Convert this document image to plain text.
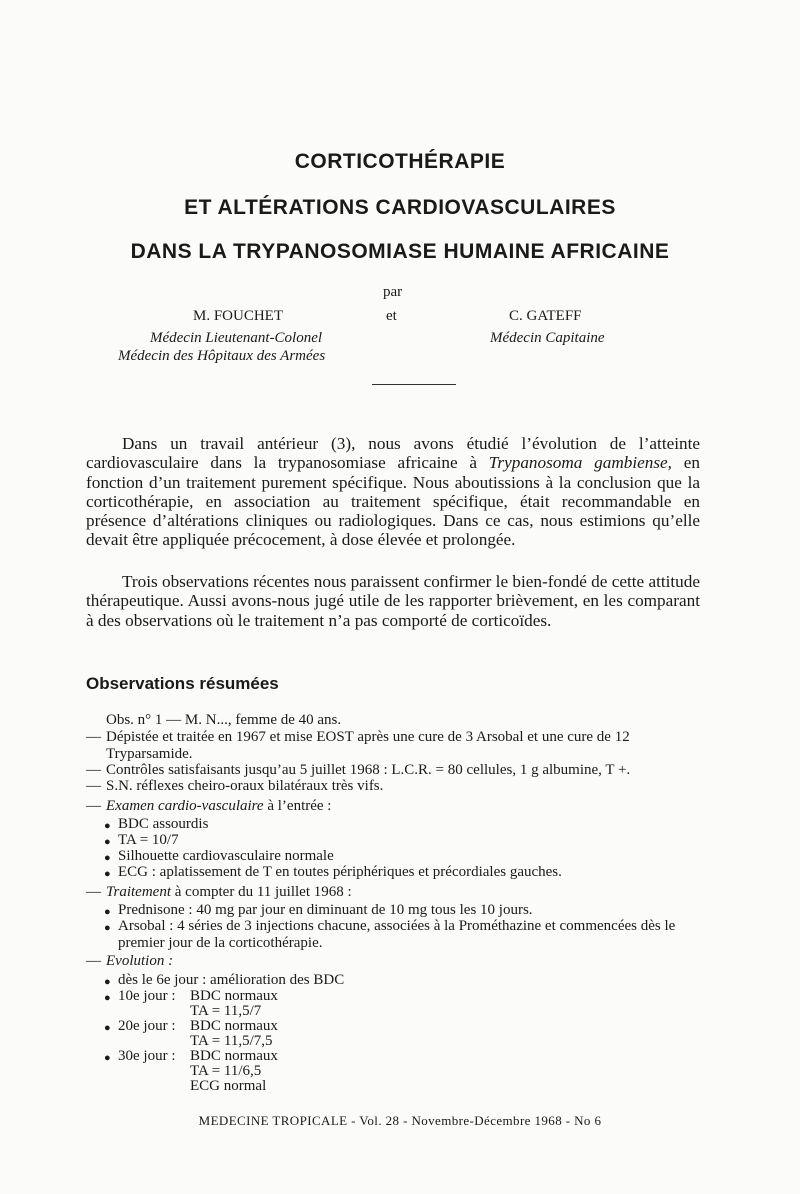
CORTICOTHÉRAPIE
ET ALTÉRATIONS CARDIOVASCULAIRES
DANS LA TRYPANOSOMIASE HUMAINE AFRICAINE
par
M. FOUCHET	et	C. GATEFF
Médecin Lieutenant-Colonel
Médecin des Hôpitaux des Armées
Médecin Capitaine

Dans un travail antérieur (3), nous avons étudié l’évolution de l’atteinte cardiovasculaire dans la trypanosomiase africaine à Trypanosoma gambiense, en fonction d’un traitement purement spécifique. Nous aboutissions à la conclusion que la corticothérapie, en association au traitement spécifique, était recommandable en présence d’altérations cliniques ou radiologiques. Dans ce cas, nous estimions qu’elle devait être appliquée précocement, à dose élevée et prolongée.

Trois observations récentes nous paraissent confirmer le bien-fondé de cette attitude thérapeutique. Aussi avons-nous jugé utile de les rapporter brièvement, en les comparant à des observations où le traitement n’a pas comporté de corticoïdes.

Observations résumées
Obs. n° 1 — M. N..., femme de 40 ans.
— Dépistée et traitée en 1967 et mise EOST après une cure de 3 Arsobal et une cure de 12 Tryparsamide.
— Contrôles satisfaisants jusqu’au 5 juillet 1968 : L.C.R. = 80 cellules, 1 g albumine, T +.
— S.N. réflexes cheiro-oraux bilatéraux très vifs.
— Examen cardio-vasculaire à l’entrée :
● BDC assourdis
● TA = 10/7
● Silhouette cardiovasculaire normale
● ECG : aplatissement de T en toutes périphériques et précordiales gauches.
— Traitement à compter du 11 juillet 1968 :
● Prednisone : 40 mg par jour en diminuant de 10 mg tous les 10 jours.
● Arsobal : 4 séries de 3 injections chacune, associées à la Prométhazine et commencées dès le premier jour de la corticothérapie.
— Evolution :
● dès le 6e jour : amélioration des BDC
● 10e jour : BDC normaux
TA = 11,5/7
● 20e jour : BDC normaux
TA = 11,5/7,5
● 30e jour : BDC normaux
TA = 11/6,5
ECG normal
MEDECINE TROPICALE - Vol. 28 - Novembre-Décembre 1968 - No 6
